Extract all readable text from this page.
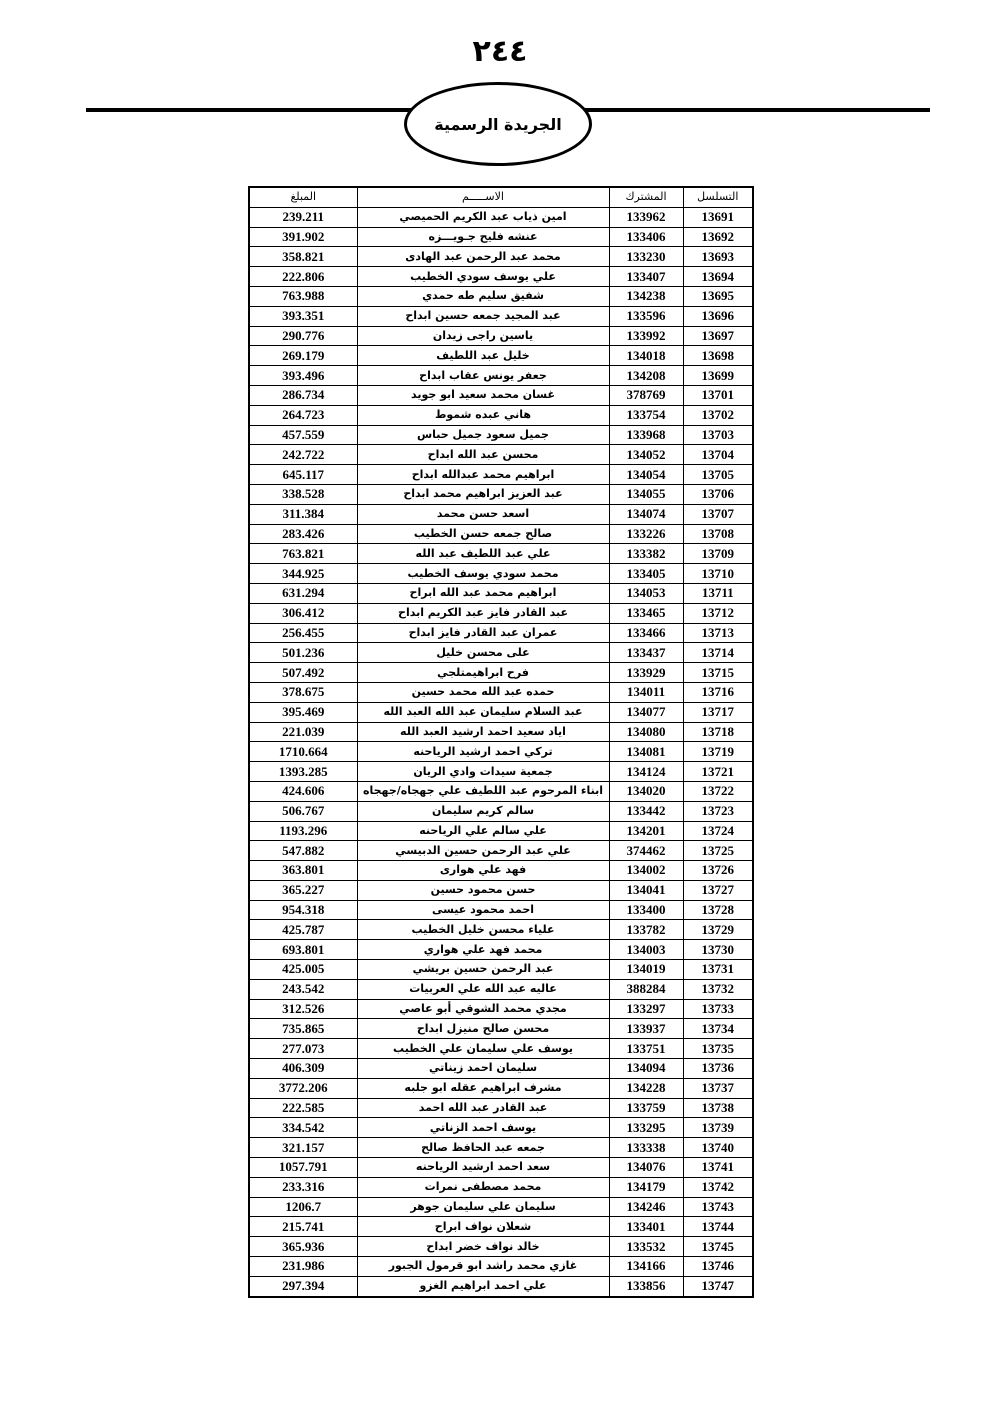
٢٤٤
الجريدة الرسمية
التسلسل	المشترك	الاســـــم	المبلغ
13691	133962	امين ذياب عبد الكريم الحميصي	239.211
13692	133406	عنشه فليح جـويـــزه	391.902
13693	133230	محمد عبد الرحمن عبد الهادى	358.821
13694	133407	علي يوسف سودي الخطيب	222.806
13695	134238	شفيق سليم طه حمدي	763.988
13696	133596	عبد المجيد جمعه حسين ابداح	393.351
13697	133992	ياسين راجى زيدان	290.776
13698	134018	خليل عبد اللطيف	269.179
13699	134208	جعفر يونس عقاب ابداح	393.496
13701	378769	غسان محمد سعيد ابو جويد	286.734
13702	133754	هاني عبده شموط	264.723
13703	133968	جميل سعود جميل حباس	457.559
13704	134052	محسن عبد الله ابداح	242.722
13705	134054	ابراهيم محمد عبدالله ابداح	645.117
13706	134055	عبد العزيز ابراهيم محمد ابداح	338.528
13707	134074	اسعد حسن محمد	311.384
13708	133226	صالح جمعه حسن الخطيب	283.426
13709	133382	علي عبد اللطيف عبد الله	763.821
13710	133405	محمد سودي يوسف الخطيب	344.925
13711	134053	ابراهيم محمد عبد الله ابراح	631.294
13712	133465	عبد القادر فايز عبد الكريم ابداح	306.412
13713	133466	عمران عبد القادر فايز ابداح	256.455
13714	133437	على محسن خليل	501.236
13715	133929	فرح ابراهيمتلجي	507.492
13716	134011	حمده عبد الله محمد حسين	378.675
13717	134077	عبد السلام سليمان عبد الله العبد الله	395.469
13718	134080	اياد سعيد احمد ارشيد العبد الله	221.039
13719	134081	تركي احمد ارشيد الرياحنه	1710.664
13721	134124	جمعية سيدات وادي الريان	1393.285
13722	134020	ابناء المرحوم عبد اللطيف علي جهجاه/جهجاه	424.606
13723	133442	سالم كريم سليمان	506.767
13724	134201	علي سالم علي الرياحنه	1193.296
13725	374462	علي عبد الرحمن حسين الدبيسي	547.882
13726	134002	فهد علي هوارى	363.801
13727	134041	حسن محمود حسين	365.227
13728	133400	احمد محمود عيسى	954.318
13729	133782	علياء محسن خليل الخطيب	425.787
13730	134003	محمد فهد علي هواري	693.801
13731	134019	عبد الرحمن حسين بريشي	425.005
13732	388284	عاليه عبد الله علي العربيات	243.542
13733	133297	مجدي محمد الشوقي أبو عاصي	312.526
13734	133937	محسن صالح منيزل ابداح	735.865
13735	133751	يوسف علي سليمان علي الخطيب	277.073
13736	134094	سليمان احمد زيناتي	406.309
13737	134228	مشرف ابراهيم عقله ابو جلبه	3772.206
13738	133759	عبد القادر عبد الله احمد	222.585
13739	133295	يوسف احمد الزناتي	334.542
13740	133338	جمعه عبد الحافظ صالح	321.157
13741	134076	سعد احمد ارشيد الرياحنه	1057.791
13742	134179	محمد مصطفى نمرات	233.316
13743	134246	سليمان علي سليمان جوهر	1206.7
13744	133401	شعلان نواف ابراح	215.741
13745	133532	خالد نواف خضر ابداح	365.936
13746	134166	غازي محمد راشد ابو قرمول الجبور	231.986
13747	133856	علي احمد ابراهيم الغزو	297.394
